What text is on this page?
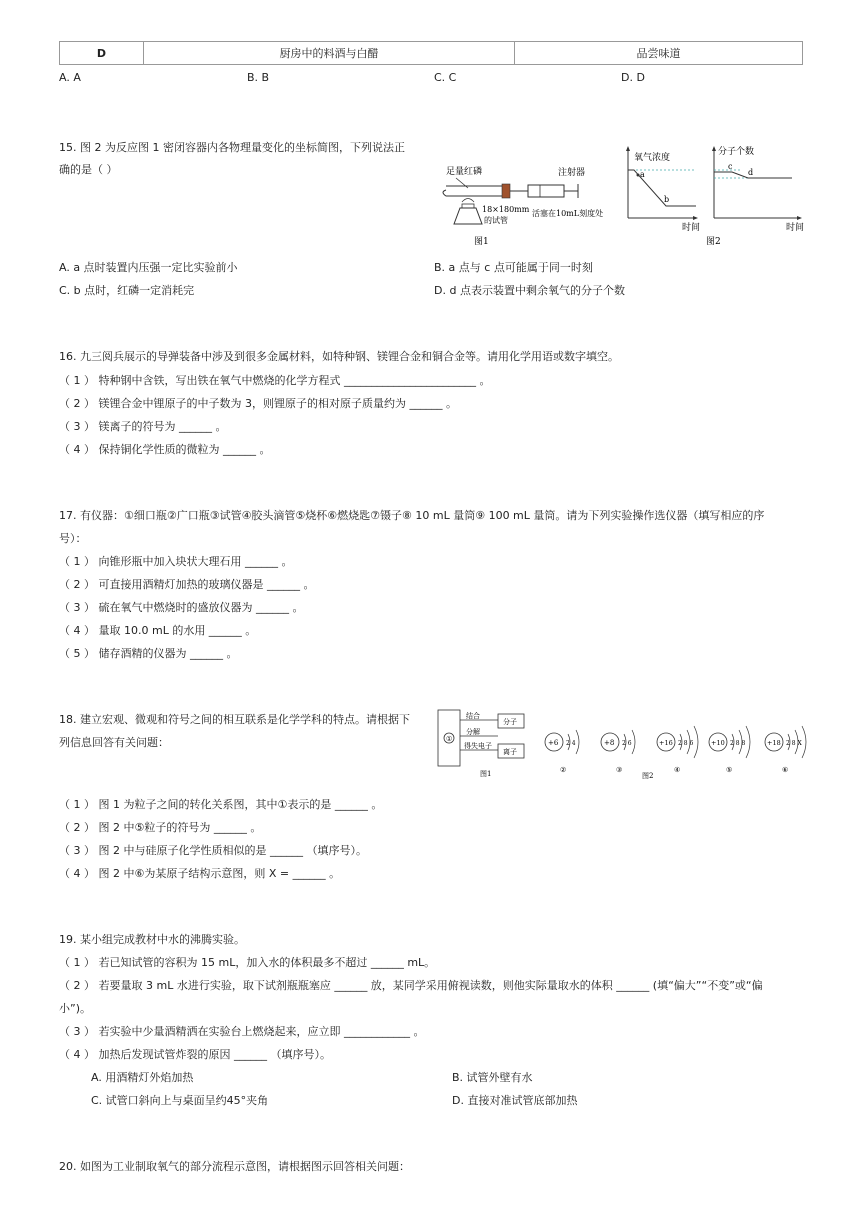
D	厨房中的料酒与白醋	品尝味道
A. A	B. B	C. C	D. D
15. 图 2 为反应图 1 密闭容器内各物理量变化的坐标简图，下列说法正
确的是（ ）	足量红磷	注射器
18×180mm
的试管
活塞在10mL刻度处
图1
氧气浓度
a
b
时间
分子个数
c
d
时间
图2
A. a 点时装置内压强一定比实验前小	B. a 点与 c 点可能属于同一时刻
C. b 点时，红磷一定消耗完	D. d 点表示装置中剩余氧气的分子个数
16. 九三阅兵展示的导弹装备中涉及到很多金属材料，如特种钢、镁锂合金和铜合金等。请用化学用语或数字填空。
（ 1 ） 特种钢中含铁，写出铁在氧气中燃烧的化学方程式 ________________________ 。
（ 2 ） 镁锂合金中锂原子的中子数为 3，则锂原子的相对原子质量约为 ______ 。
（ 3 ） 镁离子的符号为 ______ 。
（ 4 ） 保持铜化学性质的微粒为 ______ 。
17. 有仪器：①细口瓶②广口瓶③试管④胶头滴管⑤烧杯⑥燃烧匙⑦镊子⑧ 10 mL 量筒⑨ 100 mL 量筒。请为下列实验操作选仪器（填写相应的序
号）：
（ 1 ） 向锥形瓶中加入块状大理石用 ______ 。
（ 2 ） 可直接用酒精灯加热的玻璃仪器是 ______ 。
（ 3 ） 硫在氧气中燃烧时的盛放仪器为 ______ 。
（ 4 ） 量取 10.0 mL 的水用 ______ 。
（ 5 ） 储存酒精的仪器为 ______ 。
18. 建立宏观、微观和符号之间的相互联系是化学学科的特点。请根据下
列信息回答有关问题：	①
结合
分解
得失电子
分子
离子
图1
+6 2 4
②
+8 2 6
③
+16 2 8 6
④
+10 2 8 8
⑤
+18 2 8 X
⑥
图2
（ 1 ） 图 1 为粒子之间的转化关系图，其中①表示的是 ______ 。
（ 2 ） 图 2 中⑤粒子的符号为 ______ 。
（ 3 ） 图 2 中与硅原子化学性质相似的是 ______ （填序号）。
（ 4 ） 图 2 中⑥为某原子结构示意图，则 X = ______ 。
19. 某小组完成教材中水的沸腾实验。
（ 1 ） 若已知试管的容积为 15 mL，加入水的体积最多不超过 ______ mL。
（ 2 ） 若要量取 3 mL 水进行实验，取下试剂瓶瓶塞应 ______ 放，某同学采用俯视读数，则他实际量取水的体积 ______ (填“偏大”“不变”或“偏
小”)。
（ 3 ） 若实验中少量酒精洒在实验台上燃烧起来，应立即 ____________ 。
（ 4 ） 加热后发现试管炸裂的原因 ______ （填序号）。
A. 用酒精灯外焰加热	B. 试管外壁有水
C. 试管口斜向上与桌面呈约45°夹角	D. 直接对准试管底部加热
20. 如图为工业制取氧气的部分流程示意图，请根据图示回答相关问题：
